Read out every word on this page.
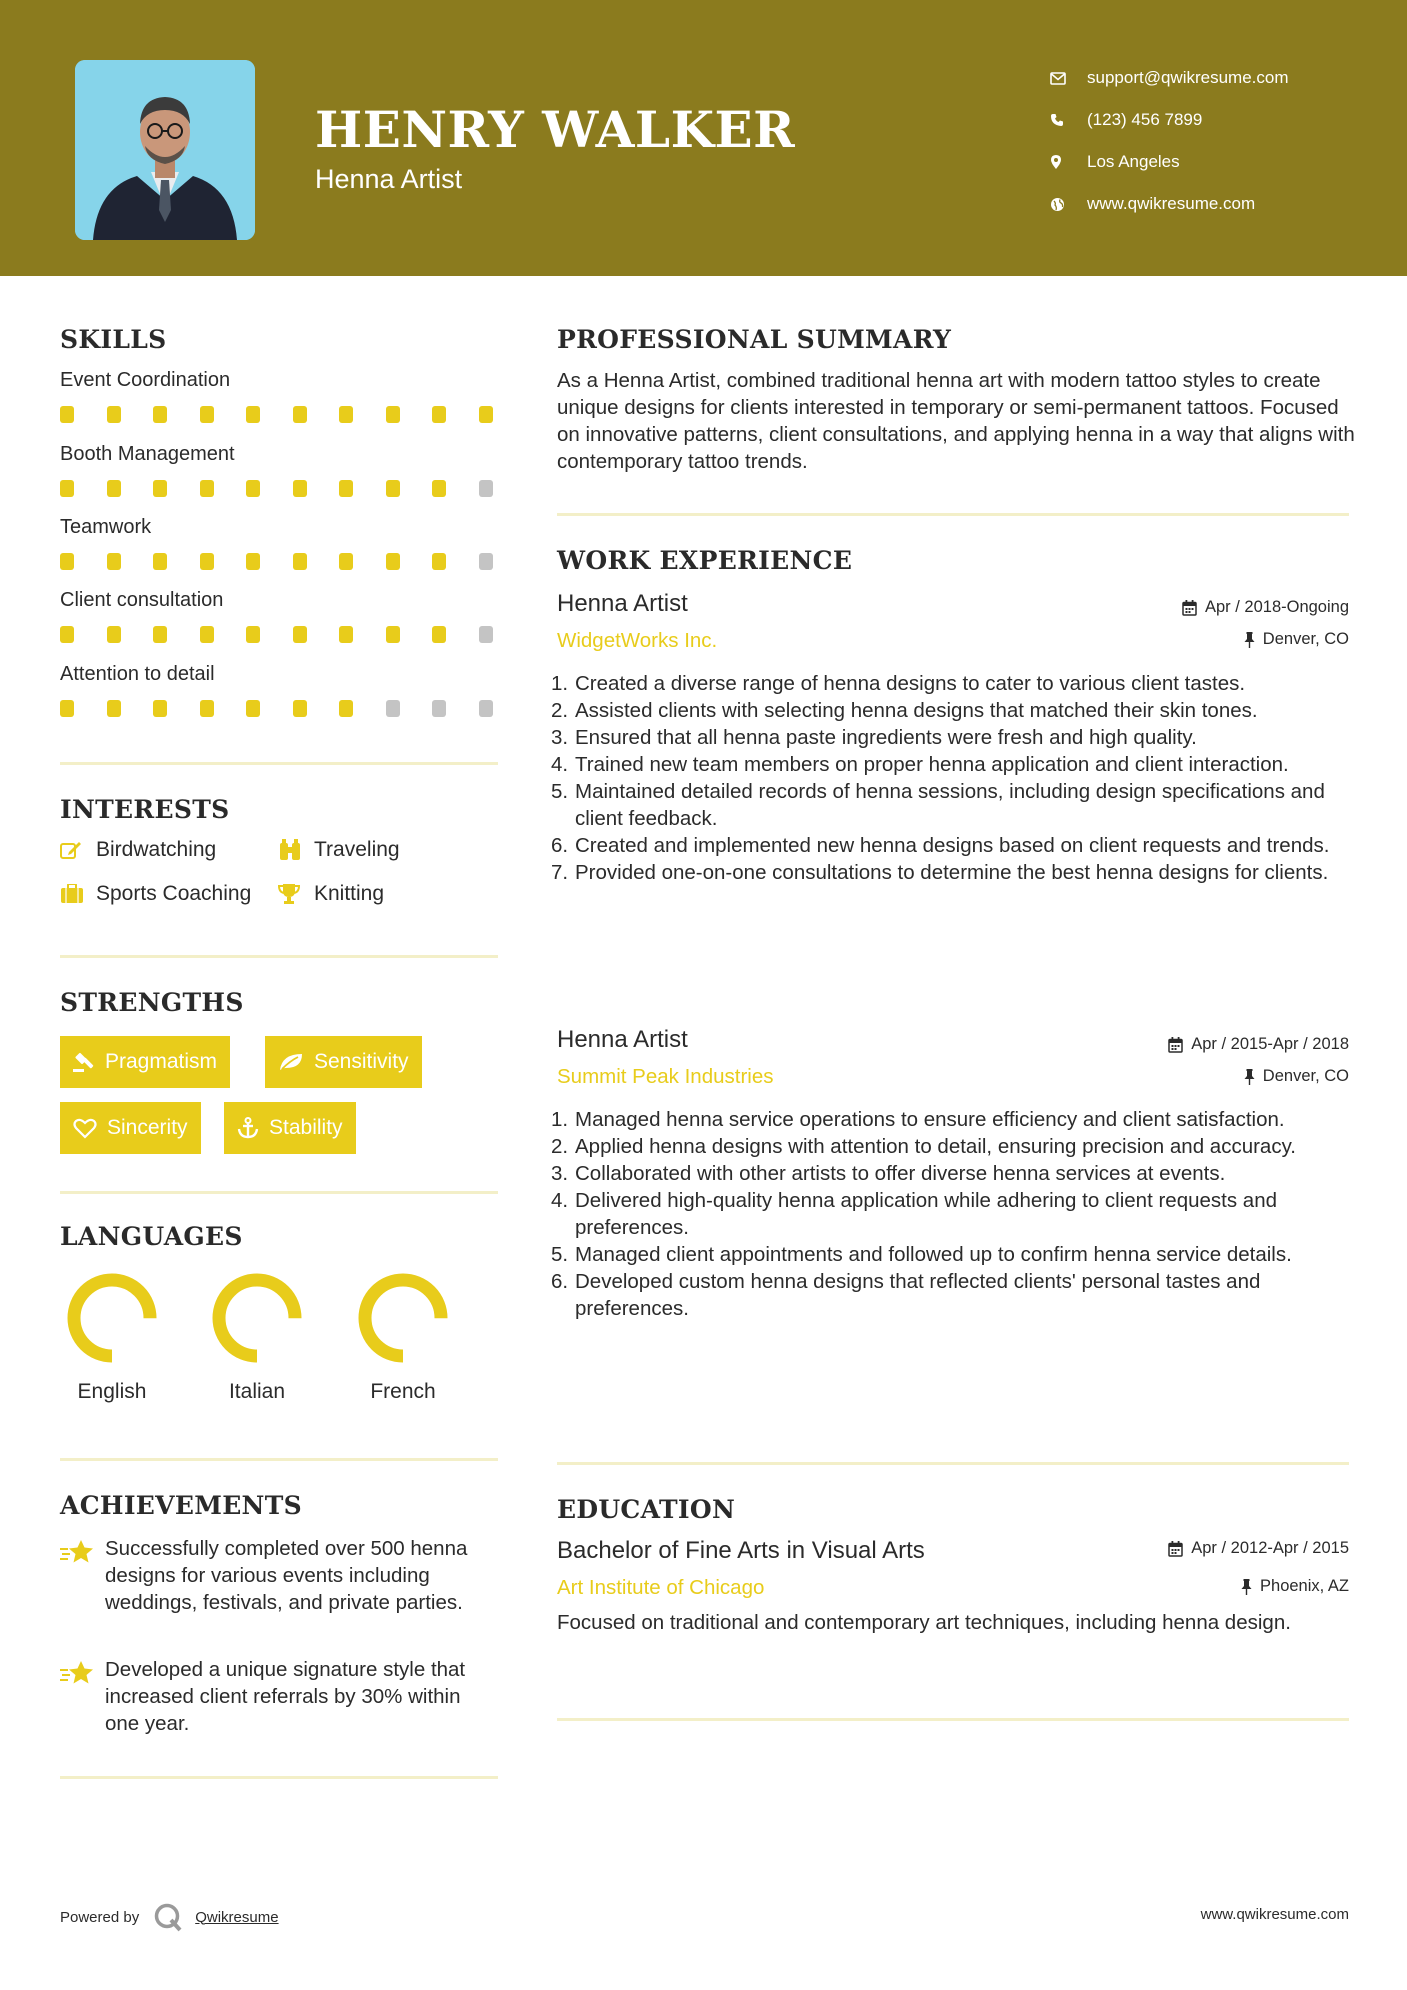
HENRY WALKER
Henna Artist
support@qwikresume.com
(123) 456 7899
Los Angeles
www.qwikresume.com
SKILLS
Event Coordination
Booth Management
Teamwork
Client consultation
Attention to detail
INTERESTS
Birdwatching	Traveling
Sports Coaching	Knitting
STRENGTHS
Pragmatism	Sensitivity
Sincerity	Stability
LANGUAGES
English	Italian	French
ACHIEVEMENTS
Successfully completed over 500 henna designs for various events including weddings, festivals, and private parties.
Developed a unique signature style that increased client referrals by 30% within one year.
PROFESSIONAL SUMMARY
As a Henna Artist, combined traditional henna art with modern tattoo styles to create unique designs for clients interested in temporary or semi-permanent tattoos. Focused on innovative patterns, client consultations, and applying henna in a way that aligns with contemporary tattoo trends.
WORK EXPERIENCE
Henna Artist	Apr / 2018-Ongoing
WidgetWorks Inc.	Denver, CO
1. Created a diverse range of henna designs to cater to various client tastes.
2. Assisted clients with selecting henna designs that matched their skin tones.
3. Ensured that all henna paste ingredients were fresh and high quality.
4. Trained new team members on proper henna application and client interaction.
5. Maintained detailed records of henna sessions, including design specifications and client feedback.
6. Created and implemented new henna designs based on client requests and trends.
7. Provided one-on-one consultations to determine the best henna designs for clients.
Henna Artist	Apr / 2015-Apr / 2018
Summit Peak Industries	Denver, CO
1. Managed henna service operations to ensure efficiency and client satisfaction.
2. Applied henna designs with attention to detail, ensuring precision and accuracy.
3. Collaborated with other artists to offer diverse henna services at events.
4. Delivered high-quality henna application while adhering to client requests and preferences.
5. Managed client appointments and followed up to confirm henna service details.
6. Developed custom henna designs that reflected clients' personal tastes and preferences.
EDUCATION
Bachelor of Fine Arts in Visual Arts	Apr / 2012-Apr / 2015
Art Institute of Chicago	Phoenix, AZ
Focused on traditional and contemporary art techniques, including henna design.
Powered by	Qwikresume	www.qwikresume.com
